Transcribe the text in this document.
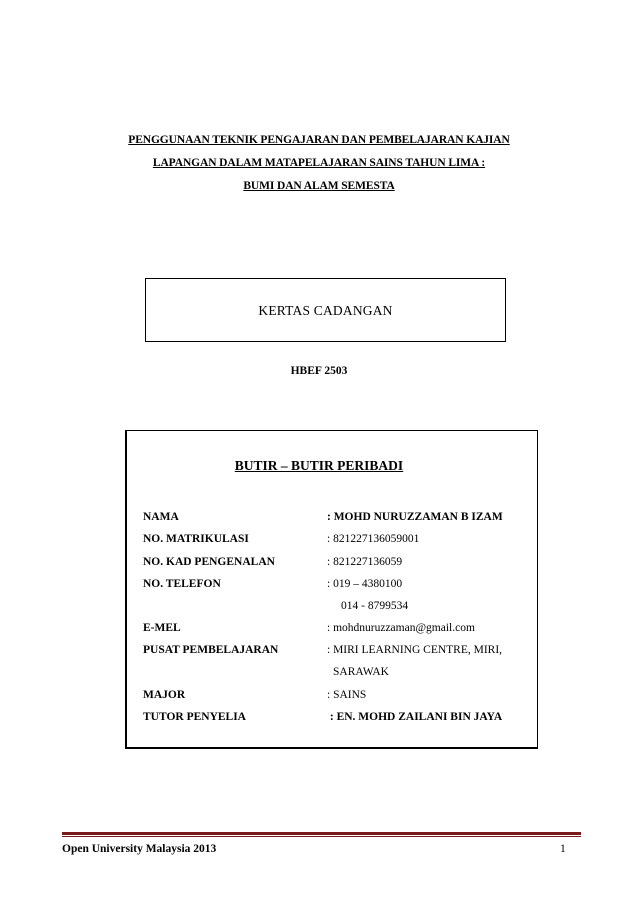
PENGGUNAAN TEKNIK PENGAJARAN DAN PEMBELAJARAN KAJIAN
LAPANGAN DALAM MATAPELAJARAN SAINS TAHUN LIMA :
BUMI DAN ALAM SEMESTA
KERTAS CADANGAN
HBEF 2503
BUTIR – BUTIR PERIBADI
NAMA	: MOHD NURUZZAMAN B IZAM
NO. MATRIKULASI	: 821227136059001
NO. KAD PENGENALAN	: 821227136059
NO. TELEFON	: 019 – 4380100
014 - 8799534
E-MEL	: mohdnuruzzaman@gmail.com
PUSAT PEMBELAJARAN	: MIRI LEARNING CENTRE, MIRI,
SARAWAK
MAJOR	: SAINS
TUTOR PENYELIA	: EN. MOHD ZAILANI BIN JAYA
Open University Malaysia 2013	1
